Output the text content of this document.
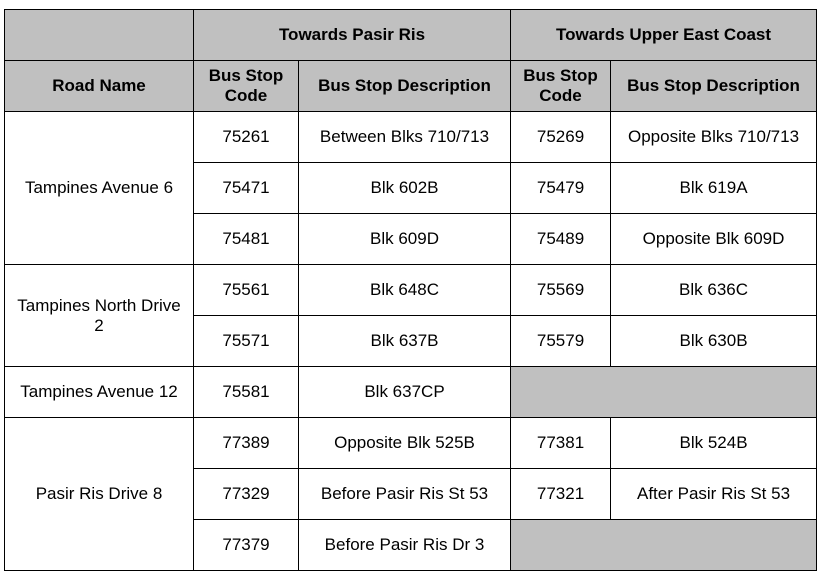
	Towards Pasir Ris		Towards Upper East Coast	
Road Name	Bus Stop Code	Bus Stop Description	Bus Stop Code	Bus Stop Description
Tampines Avenue 6	75261	Between Blks 710/713	75269	Opposite Blks 710/713
	75471	Blk 602B	75479	Blk 619A
	75481	Blk 609D	75489	Opposite Blk 609D
Tampines North Drive 2	75561	Blk 648C	75569	Blk 636C
	75571	Blk 637B	75579	Blk 630B
Tampines Avenue 12	75581	Blk 637CP		
Pasir Ris Drive 8	77389	Opposite Blk 525B	77381	Blk 524B
	77329	Before Pasir Ris St 53	77321	After Pasir Ris St 53
	77379	Before Pasir Ris Dr 3		
